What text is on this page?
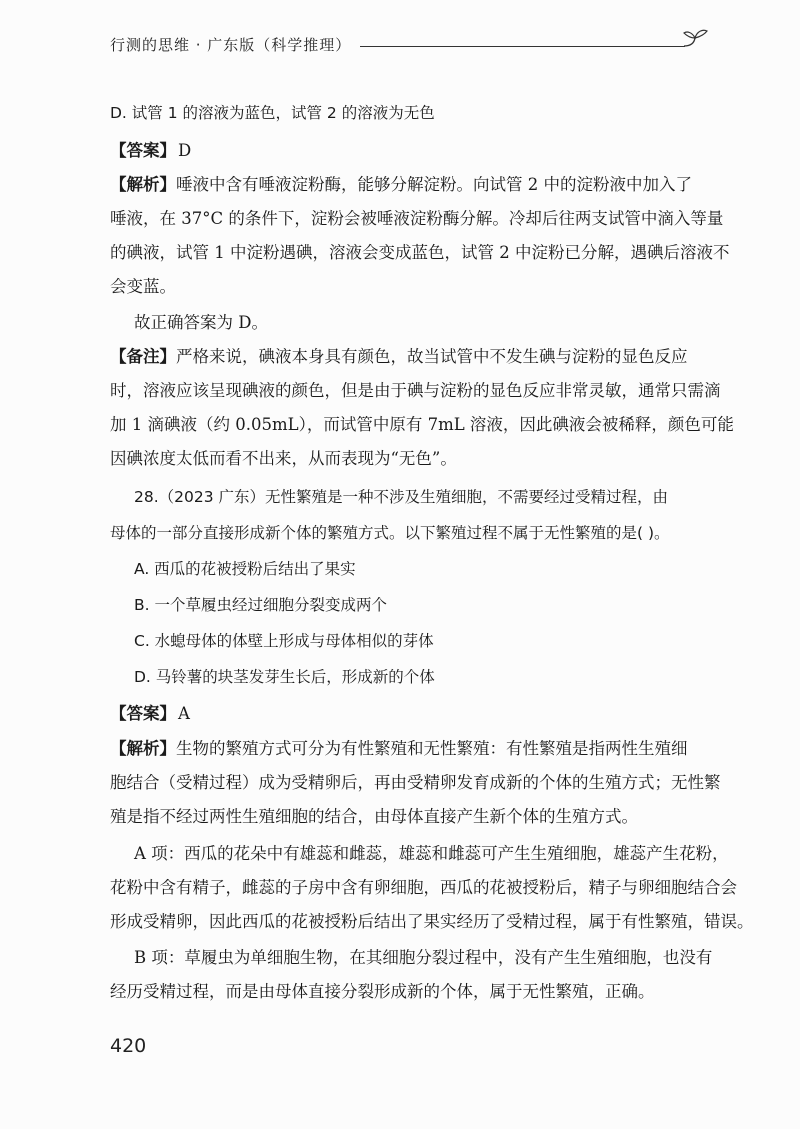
行测的思维 · 广东版（科学推理）
D. 试管 1 的溶液为蓝色，试管 2 的溶液为无色
【答案】 D
【解析】唾液中含有唾液淀粉酶，能够分解淀粉。向试管 2 中的淀粉液中加入了
唾液，在 37°C 的条件下，淀粉会被唾液淀粉酶分解。冷却后往两支试管中滴入等量
的碘液，试管 1 中淀粉遇碘，溶液会变成蓝色，试管 2 中淀粉已分解，遇碘后溶液不
会变蓝。
故正确答案为 D。
【备注】严格来说，碘液本身具有颜色，故当试管中不发生碘与淀粉的显色反应
时，溶液应该呈现碘液的颜色，但是由于碘与淀粉的显色反应非常灵敏，通常只需滴
加 1 滴碘液（约 0.05mL），而试管中原有 7mL 溶液，因此碘液会被稀释，颜色可能
因碘浓度太低而看不出来，从而表现为“无色”。
28.（2023 广东）无性繁殖是一种不涉及生殖细胞，不需要经过受精过程，由
母体的一部分直接形成新个体的繁殖方式。以下繁殖过程不属于无性繁殖的是( )。
A. 西瓜的花被授粉后结出了果实
B. 一个草履虫经过细胞分裂变成两个
C. 水螅母体的体壁上形成与母体相似的芽体
D. 马铃薯的块茎发芽生长后，形成新的个体
【答案】 A
【解析】生物的繁殖方式可分为有性繁殖和无性繁殖：有性繁殖是指两性生殖细
胞结合（受精过程）成为受精卵后，再由受精卵发育成新的个体的生殖方式；无性繁
殖是指不经过两性生殖细胞的结合，由母体直接产生新个体的生殖方式。
A 项：西瓜的花朵中有雄蕊和雌蕊，雄蕊和雌蕊可产生生殖细胞，雄蕊产生花粉，
花粉中含有精子，雌蕊的子房中含有卵细胞，西瓜的花被授粉后，精子与卵细胞结合会
形成受精卵，因此西瓜的花被授粉后结出了果实经历了受精过程，属于有性繁殖，错误。
B 项：草履虫为单细胞生物，在其细胞分裂过程中，没有产生生殖细胞，也没有
经历受精过程，而是由母体直接分裂形成新的个体，属于无性繁殖，正确。
420
